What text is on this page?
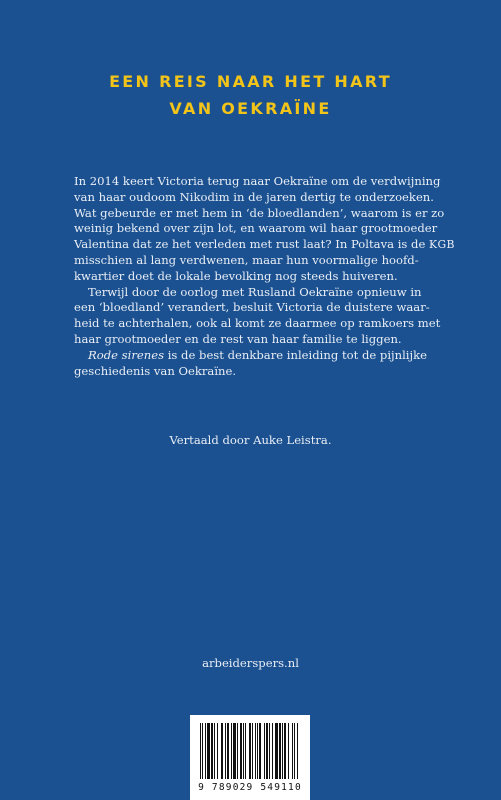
EEN REIS NAAR HET HART
VAN OEKRAÏNE
In 2014 keert Victoria terug naar Oekraïne om de verdwijning
van haar oudoom Nikodim in de jaren dertig te onderzoeken.
Wat gebeurde er met hem in ‘de bloedlanden’, waarom is er zo
weinig bekend over zijn lot, en waarom wil haar grootmoeder
Valentina dat ze het verleden met rust laat? In Poltava is de KGB
misschien al lang verdwenen, maar hun voormalige hoofd-
kwartier doet de lokale bevolking nog steeds huiveren.
Terwijl door de oorlog met Rusland Oekraïne opnieuw in
een ‘bloedland’ verandert, besluit Victoria de duistere waar-
heid te achterhalen, ook al komt ze daarmee op ramkoers met
haar grootmoeder en de rest van haar familie te liggen.
Rode sirenes is de best denkbare inleiding tot de pijnlijke
geschiedenis van Oekraïne.
Vertaald door Auke Leistra.
arbeiderspers.nl
9 789029 549110
